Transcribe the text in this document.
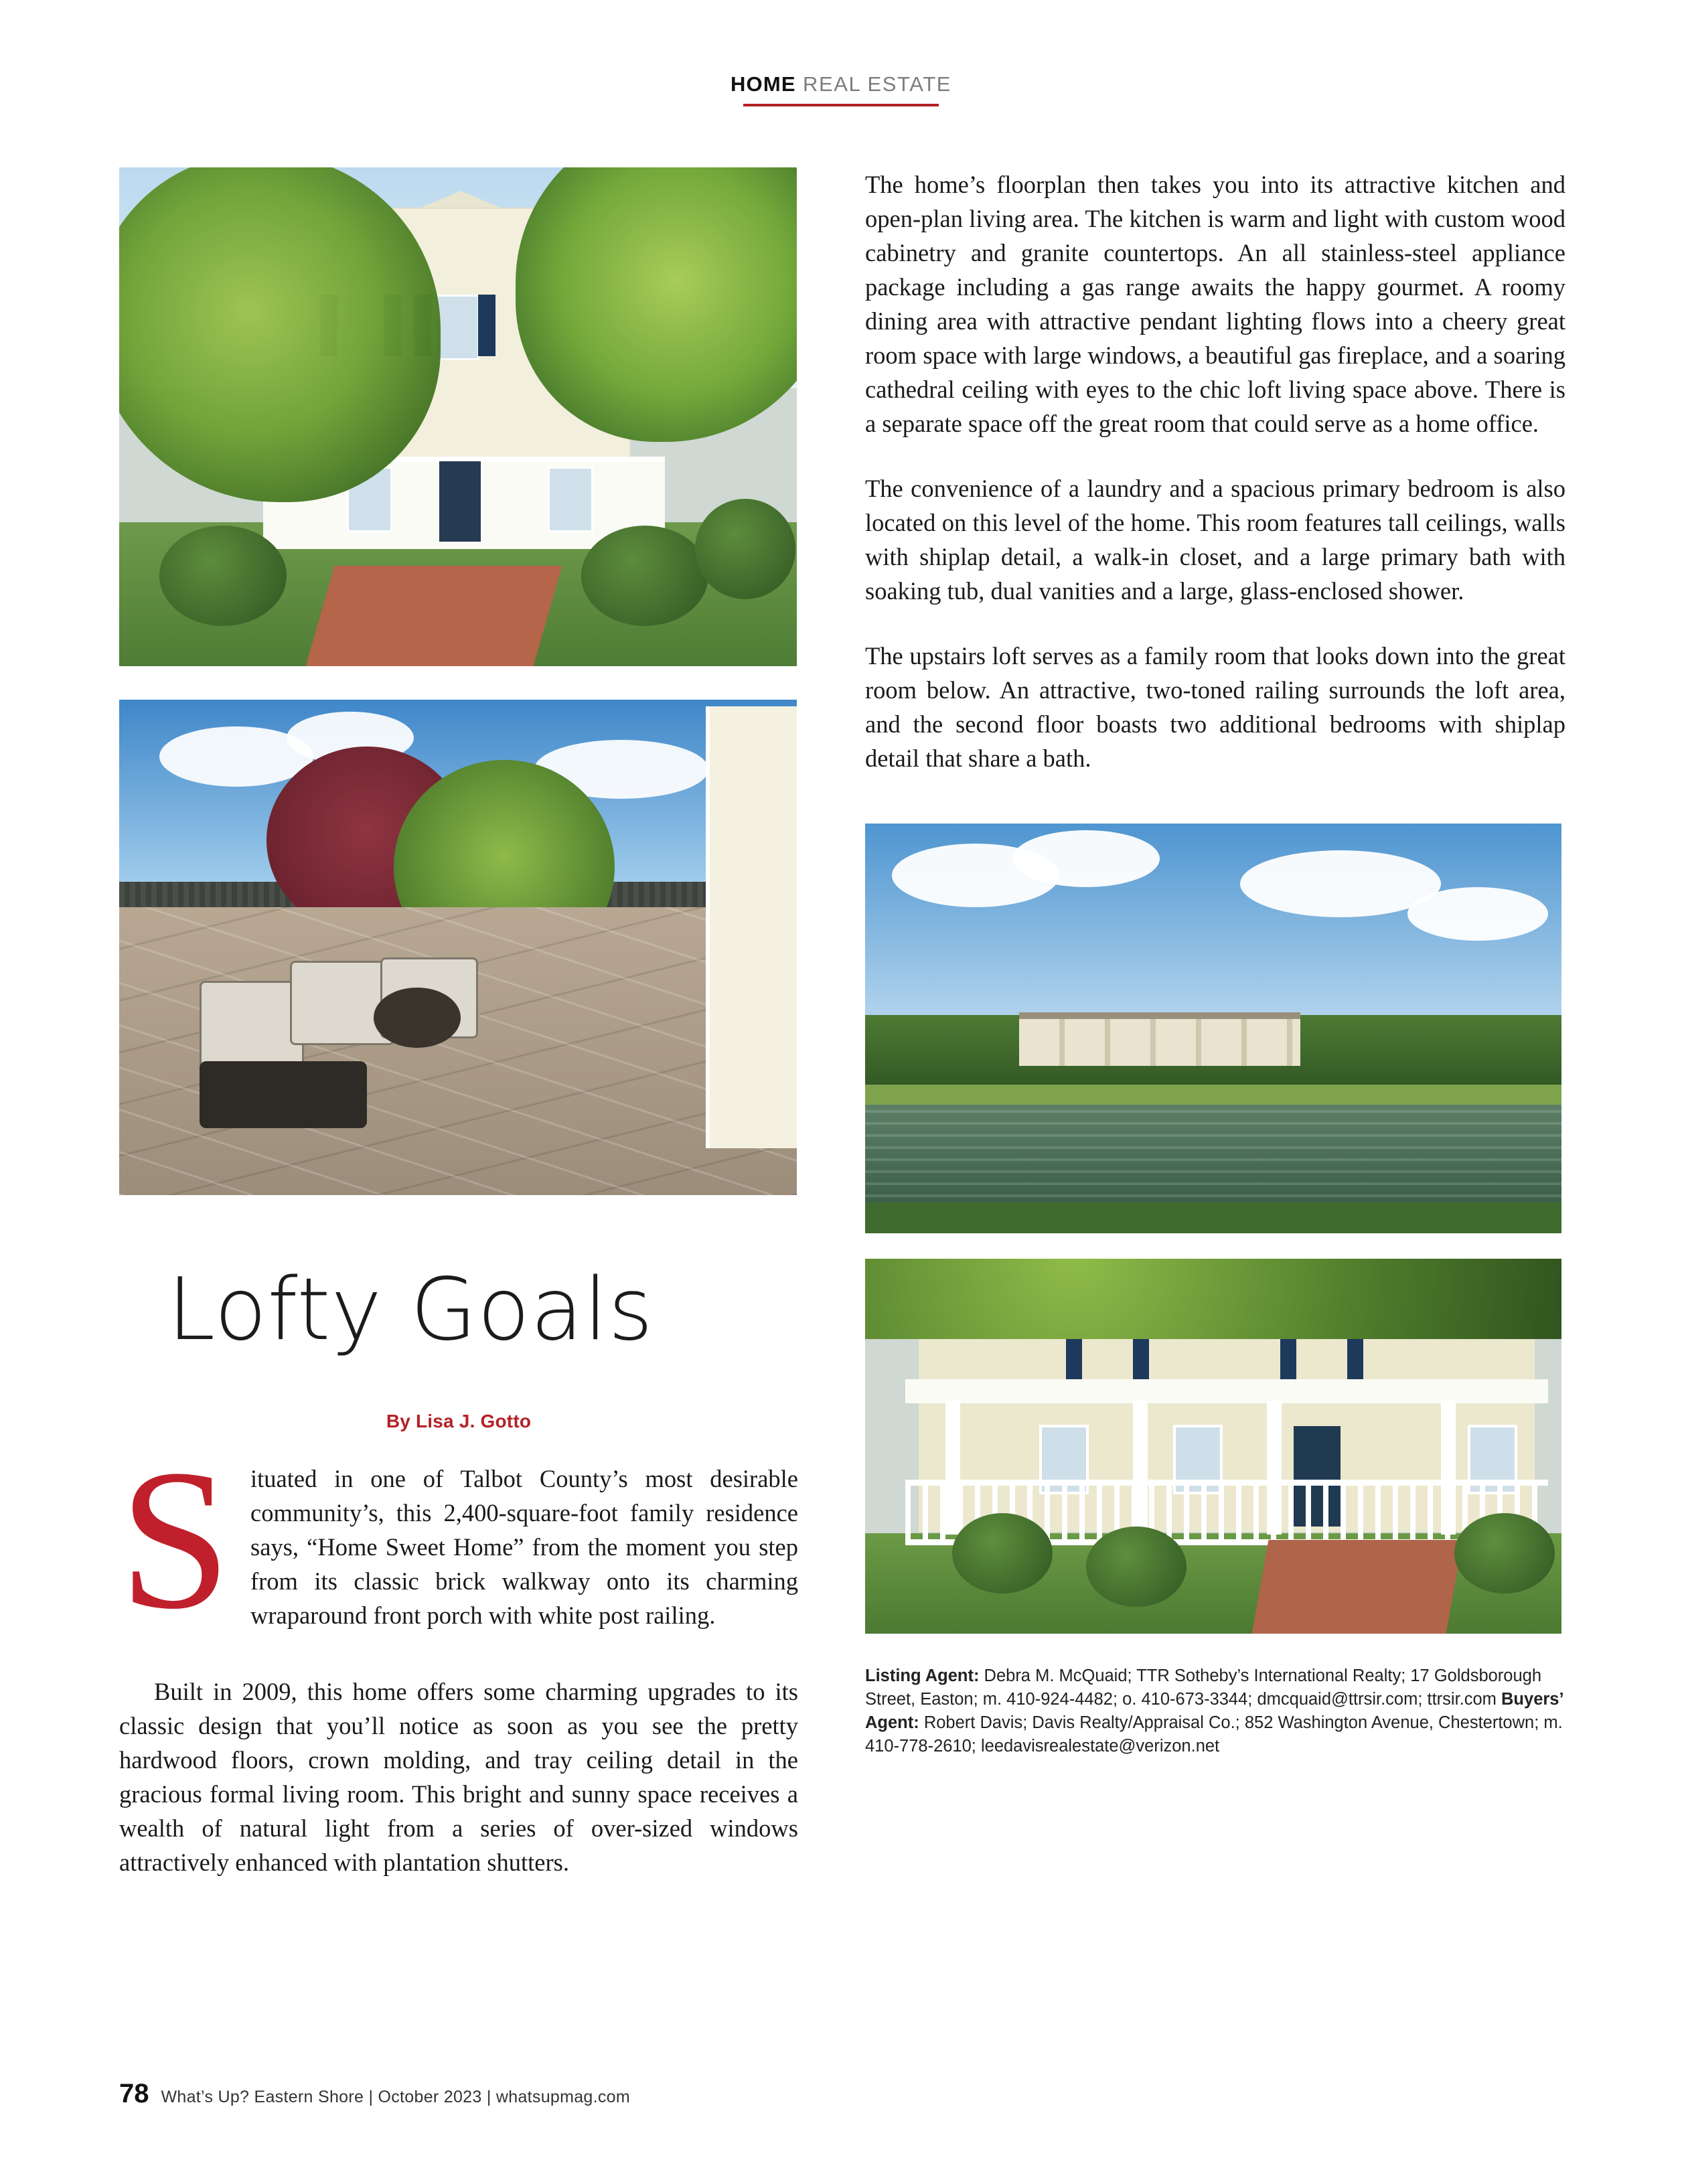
HOME REAL ESTATE
Lofty Goals
By Lisa J. Gotto
S ituated in one of Talbot County’s most desirable community’s, this 2,400-square-foot family residence says, “Home Sweet Home” from the moment you step from its classic brick walkway onto its charming wraparound front porch with white post railing.

Built in 2009, this home offers some charming upgrades to its classic design that you’ll notice as soon as you see the pretty hardwood floors, crown molding, and tray ceiling detail in the gracious formal living room. This bright and sunny space receives a wealth of natural light from a series of over-sized windows attractively enhanced with plantation shutters.

The home’s floorplan then takes you into its attractive kitchen and open-plan living area. The kitchen is warm and light with custom wood cabinetry and granite countertops. An all stainless-steel appliance package including a gas range awaits the happy gourmet. A roomy dining area with attractive pendant lighting flows into a cheery great room space with large windows, a beautiful gas fireplace, and a soaring cathedral ceiling with eyes to the chic loft living space above. There is a separate space off the great room that could serve as a home office.

The convenience of a laundry and a spacious primary bedroom is also located on this level of the home. This room features tall ceilings, walls with shiplap detail, a walk-in closet, and a large primary bath with soaking tub, dual vanities and a large, glass-enclosed shower.

The upstairs loft serves as a family room that looks down into the great room below. An attractive, two-toned railing surrounds the loft area, and the second floor boasts two additional bedrooms with shiplap detail that share a bath.

Listing Agent: Debra M. McQuaid; TTR Sotheby’s International Realty; 17 Goldsborough Street, Easton; m. 410-924-4482; o. 410-673-3344; dmcquaid@ttrsir.com; ttrsir.com Buyers’ Agent: Robert Davis; Davis Realty/Appraisal Co.; 852 Washington Avenue, Chestertown; m. 410-778-2610; leedavisrealestate@verizon.net
78 What’s Up? Eastern Shore | October 2023 | whatsupmag.com
